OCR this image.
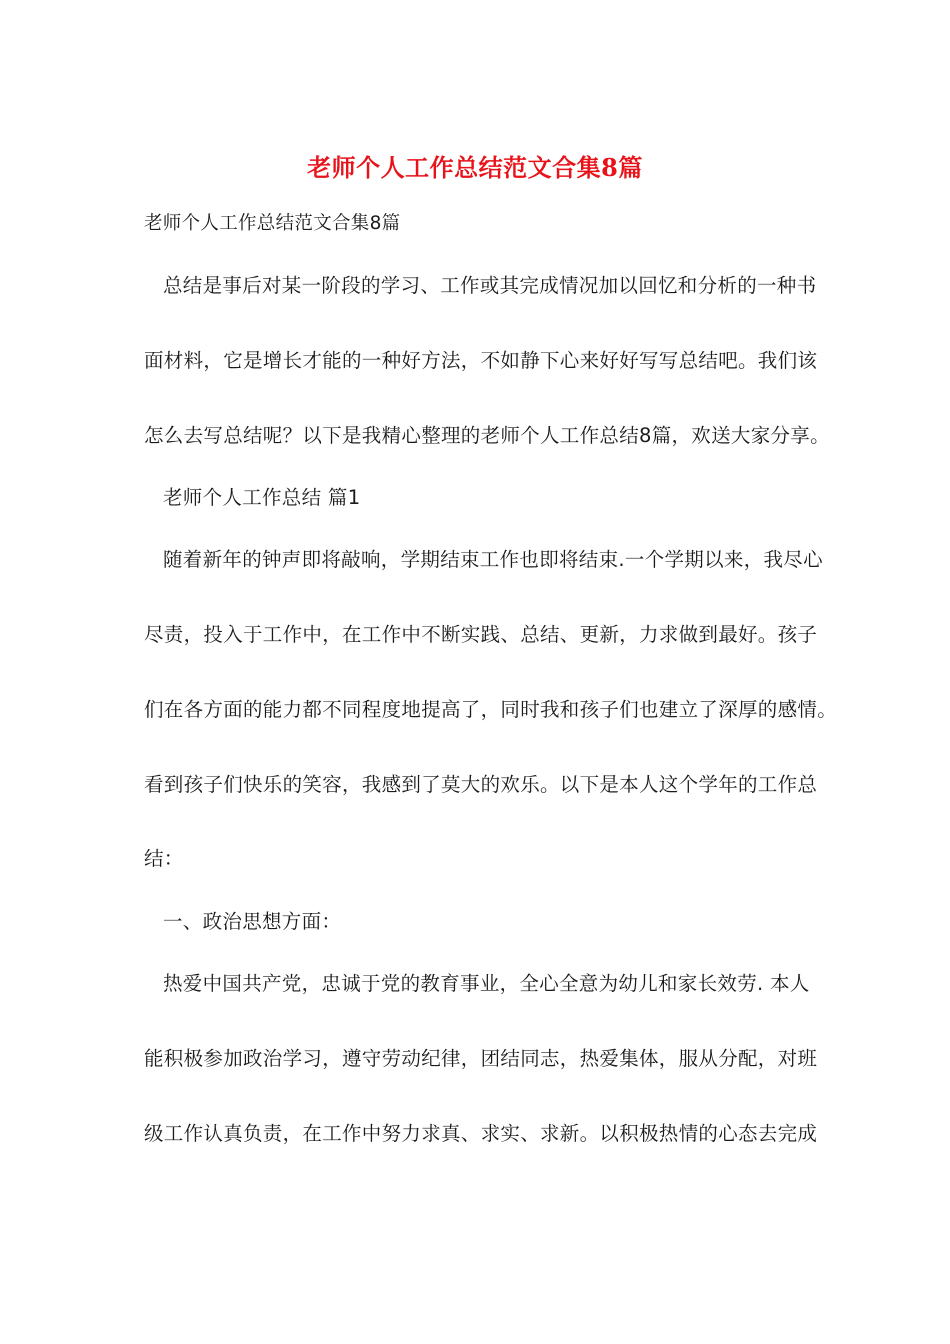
老师个人工作总结范文合集8篇
老师个人工作总结范文合集8篇
总结是事后对某一阶段的学习、工作或其完成情况加以回忆和分析的一种书
面材料，它是增长才能的一种好方法，不如静下心来好好写写总结吧。我们该
怎么去写总结呢？以下是我精心整理的老师个人工作总结8篇，欢送大家分享。
老师个人工作总结 篇1
随着新年的钟声即将敲响，学期结束工作也即将结束.一个学期以来，我尽心
尽责，投入于工作中，在工作中不断实践、总结、更新，力求做到最好。孩子
们在各方面的能力都不同程度地提高了，同时我和孩子们也建立了深厚的感情。
看到孩子们快乐的笑容，我感到了莫大的欢乐。以下是本人这个学年的工作总
结：
一、政治思想方面：
热爱中国共产党，忠诚于党的教育事业，全心全意为幼儿和家长效劳. 本人
能积极参加政治学习，遵守劳动纪律，团结同志，热爱集体，服从分配，对班
级工作认真负责，在工作中努力求真、求实、求新。以积极热情的心态去完成
